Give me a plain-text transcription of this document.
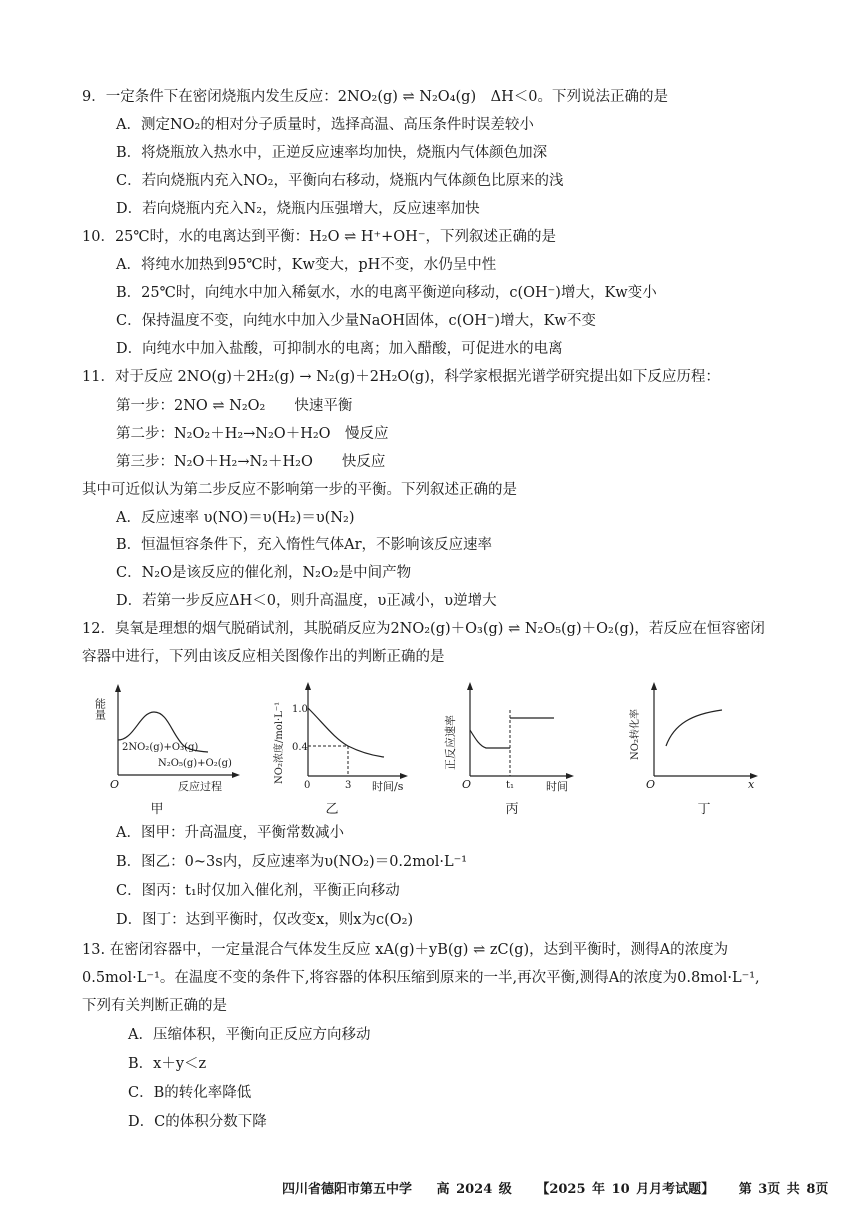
9．一定条件下在密闭烧瓶内发生反应：2NO₂(g) ⇌ N₂O₄(g)　ΔH＜0。下列说法正确的是
A．测定NO₂的相对分子质量时，选择高温、高压条件时误差较小
B．将烧瓶放入热水中，正逆反应速率均加快，烧瓶内气体颜色加深
C．若向烧瓶内充入NO₂，平衡向右移动，烧瓶内气体颜色比原来的浅
D．若向烧瓶内充入N₂，烧瓶内压强增大，反应速率加快
10．25℃时，水的电离达到平衡：H₂O ⇌ H⁺+OH⁻，下列叙述正确的是
A．将纯水加热到95℃时，Kw变大，pH不变，水仍呈中性
B．25℃时，向纯水中加入稀氨水，水的电离平衡逆向移动，c(OH⁻)增大，Kw变小
C．保持温度不变，向纯水中加入少量NaOH固体，c(OH⁻)增大，Kw不变
D．向纯水中加入盐酸，可抑制水的电离；加入醋酸，可促进水的电离
11．对于反应 2NO(g)＋2H₂(g) → N₂(g)＋2H₂O(g)，科学家根据光谱学研究提出如下反应历程：
第一步：2NO ⇌ N₂O₂　　快速平衡
第二步：N₂O₂＋H₂→N₂O＋H₂O　慢反应
第三步：N₂O＋H₂→N₂＋H₂O　　快反应
其中可近似认为第二步反应不影响第一步的平衡。下列叙述正确的是
A．反应速率 υ(NO)＝υ(H₂)＝υ(N₂)
B．恒温恒容条件下，充入惰性气体Ar，不影响该反应速率
C．N₂O是该反应的催化剂，N₂O₂是中间产物
D．若第一步反应ΔH＜0，则升高温度，υ正减小，υ逆增大
12．臭氧是理想的烟气脱硝试剂，其脱硝反应为2NO₂(g)＋O₃(g) ⇌ N₂O₅(g)＋O₂(g)，若反应在恒容密闭
容器中进行，下列由该反应相关图像作出的判断正确的是
能量
2NO₂(g)+O₃(g)
N₂O₅(g)+O₂(g)
O	反应过程
甲
NO₂浓度/mol·L⁻¹ 1.0
0.4
0	3 时间/s
乙
正反应速率
O	t₁	时间
丙
NO₂转化率
O	x
丁
A．图甲：升高温度，平衡常数减小
B．图乙：0~3s内，反应速率为υ(NO₂)＝0.2mol·L⁻¹
C．图丙：t₁时仅加入催化剂，平衡正向移动
D．图丁：达到平衡时，仅改变x，则x为c(O₂)
13. 在密闭容器中，一定量混合气体发生反应 xA(g)＋yB(g) ⇌ zC(g)，达到平衡时，测得A的浓度为
0.5mol·L⁻¹。在温度不变的条件下,将容器的体积压缩到原来的一半,再次平衡,测得A的浓度为0.8mol·L⁻¹,
下列有关判断正确的是
A．压缩体积，平衡向正反应方向移动
B．x＋y＜z
C．B的转化率降低
D．C的体积分数下降
四川省德阳市第五中学 高 2024 级 【2025 年 10 月月考试题】 第 3页 共 8页
